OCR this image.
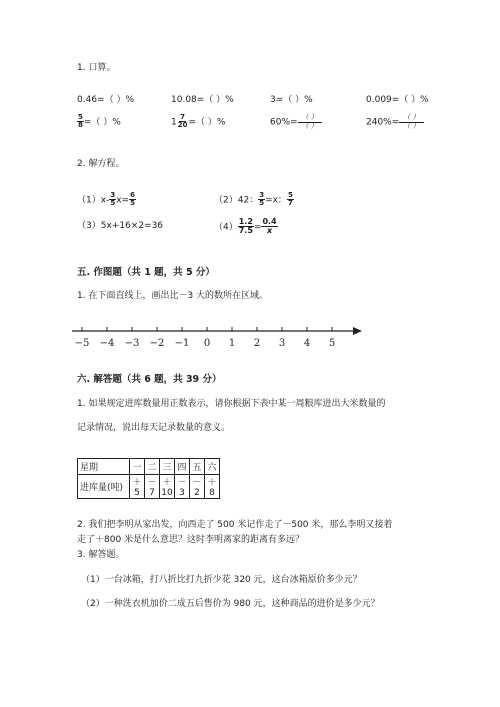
1. 口算。
0.46=（ ）%	10.08=（ ）%	3=（ ）%	0.009=（ ）%
$\frac{5}{8}$ =（ ）%	$1 \frac{7}{20}$ =（ ）%	$60\%= \frac{( )}{( )}$	$240\%= \frac{( )}{( )}$
2. 解方程。
$(1)x- \frac{3}{5} x= \frac{6}{5}$	（2）42： $\frac{3}{5} =x$： $\frac{5}{7}$
（3）5x+16×2=36	$(4) \frac{1.2}{7.5} = \frac{0.4}{x}$
五. 作图题（共 1 题，共 5 分）
1. 在下面直线上，画出比－3 大的数所在区域。
−5 −4 −3 −2 −1 0 1 2 3 4 5
六. 解答题（共 6 题，共 39 分）
1. 如果规定进库数量用正数表示，请你根据下表中某一周粮库进出大米数量的
记录情况，说出每天记录数量的意义。
星期	一	二	三	四	五	六
进库量(吨)	＋5	－7	＋10	－3	－2	＋8
2. 我们把李明从家出发，向西走了 500 米记作走了－500 米，那么李明又接着
走了＋800 米是什么意思？这时李明离家的距离有多远？
3. 解答题。
（1）一台冰箱，打八折比打九折少花 320 元，这台冰箱原价多少元？
（2）一种洗衣机加价二成五后售价为 980 元，这种商品的进价是多少元？
